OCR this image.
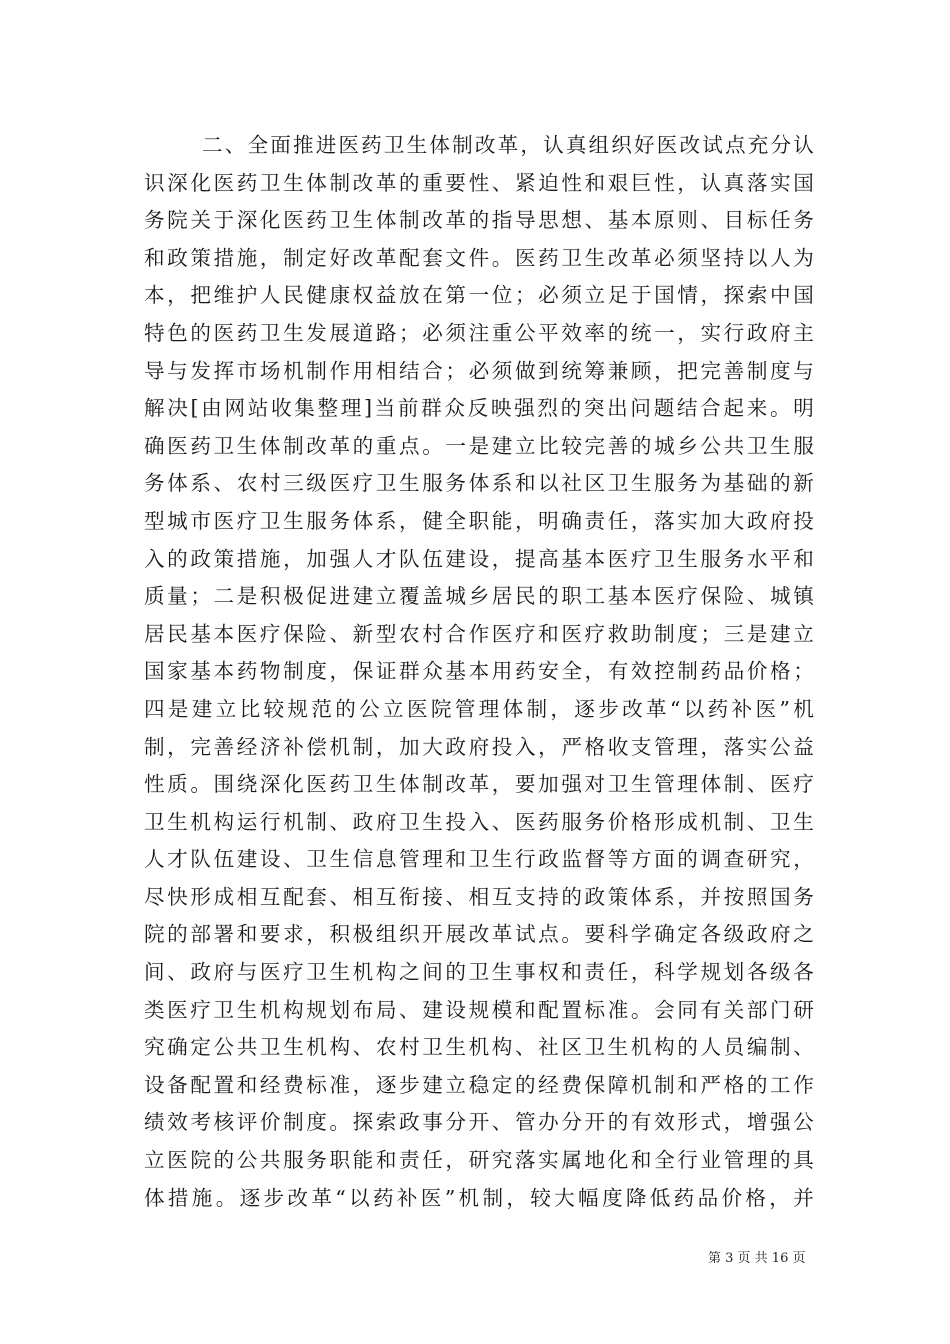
二、全面推进医药卫生体制改革，认真组织好医改试点充分认
识深化医药卫生体制改革的重要性、紧迫性和艰巨性，认真落实国
务院关于深化医药卫生体制改革的指导思想、基本原则、目标任务
和政策措施，制定好改革配套文件。医药卫生改革必须坚持以人为
本，把维护人民健康权益放在第一位；必须立足于国情，探索中国
特色的医药卫生发展道路；必须注重公平效率的统一，实行政府主
导与发挥市场机制作用相结合；必须做到统筹兼顾，把完善制度与
解决[由网站收集整理]当前群众反映强烈的突出问题结合起来。明
确医药卫生体制改革的重点。一是建立比较完善的城乡公共卫生服
务体系、农村三级医疗卫生服务体系和以社区卫生服务为基础的新
型城市医疗卫生服务体系，健全职能，明确责任，落实加大政府投
入的政策措施，加强人才队伍建设，提高基本医疗卫生服务水平和
质量；二是积极促进建立覆盖城乡居民的职工基本医疗保险、城镇
居民基本医疗保险、新型农村合作医疗和医疗救助制度；三是建立
国家基本药物制度，保证群众基本用药安全，有效控制药品价格；
四是建立比较规范的公立医院管理体制，逐步改革“以药补医”机
制，完善经济补偿机制，加大政府投入，严格收支管理，落实公益
性质。围绕深化医药卫生体制改革，要加强对卫生管理体制、医疗
卫生机构运行机制、政府卫生投入、医药服务价格形成机制、卫生
人才队伍建设、卫生信息管理和卫生行政监督等方面的调查研究，
尽快形成相互配套、相互衔接、相互支持的政策体系，并按照国务
院的部署和要求，积极组织开展改革试点。要科学确定各级政府之
间、政府与医疗卫生机构之间的卫生事权和责任，科学规划各级各
类医疗卫生机构规划布局、建设规模和配置标准。会同有关部门研
究确定公共卫生机构、农村卫生机构、社区卫生机构的人员编制、
设备配置和经费标准，逐步建立稳定的经费保障机制和严格的工作
绩效考核评价制度。探索政事分开、管办分开的有效形式，增强公
立医院的公共服务职能和责任，研究落实属地化和全行业管理的具
体措施。逐步改革“以药补医”机制，较大幅度降低药品价格，并
第 3 页 共 16 页
